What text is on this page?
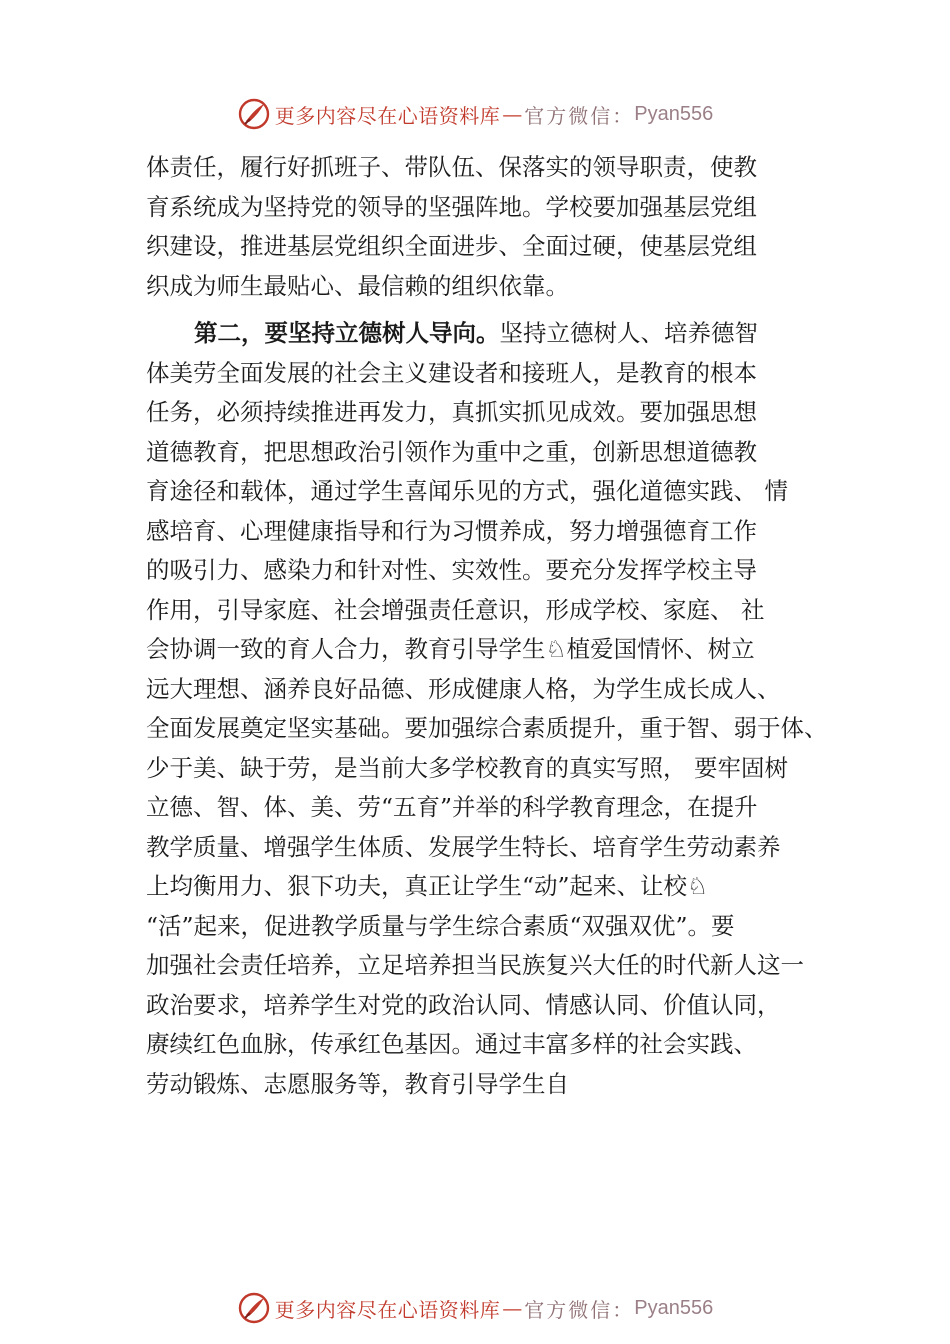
更多内容尽在心语资料库 — 官方微信： Pyan556
体责任，履行好抓班子、带队伍、保落实的领导职责，使教
育系统成为坚持党的领导的坚强阵地。学校要加强基层党组
织建设，推进基层党组织全面进步、全面过硬，使基层党组
织成为师生最贴心、最信赖的组织依靠。
第二，要坚持立德树人导向。坚持立德树人、培养德智
体美劳全面发展的社会主义建设者和接班人，是教育的根本
任务，必须持续推进再发力，真抓实抓见成效。要加强思想
道德教育，把思想政治引领作为重中之重，创新思想道德教
育途径和载体，通过学生喜闻乐见的方式，强化道德实践、 情
感培育、心理健康指导和行为习惯养成，努力增强德育工作
的吸引力、感染力和针对性、实效性。要充分发挥学校主导
作用，引导家庭、社会增强责任意识，形成学校、家庭、 社
会协调一致的育人合力，教育引导学生♘植爱国情怀、树立
远大理想、涵养良好品德、形成健康人格，为学生成长成人、
全面发展奠定坚实基础。要加强综合素质提升，重于智、弱于体、
少于美、缺于劳，是当前大多学校教育的真实写照， 要牢固树
立德、智、体、美、劳“五育”并举的科学教育理念，在提升
教学质量、增强学生体质、发展学生特长、培育学生劳动素养
上均衡用力、狠下功夫，真正让学生“动”起来、让校♘
“活”起来，促进教学质量与学生综合素质“双强双优”。要
加强社会责任培养，立足培养担当民族复兴大任的时代新人这一
政治要求，培养学生对党的政治认同、情感认同、价值认同，
赓续红色血脉，传承红色基因。通过丰富多样的社会实践、
劳动锻炼、志愿服务等，教育引导学生自
更多内容尽在心语资料库 — 官方微信： Pyan556
